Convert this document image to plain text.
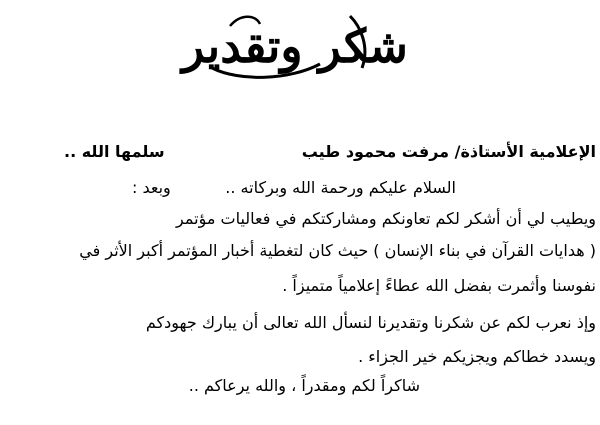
شكر وتقدير
الإعلامية الأستاذة/ مرفت محمود طيب
سلمها الله ..
السلام عليكم ورحمة الله وبركاته ..
وبعد :
ويطيب لي أن أشكر لكم تعاونكم ومشاركتكم في فعاليات مؤتمر
( هدايات القرآن في بناء الإنسان ) حيث كان لتغطية أخبار المؤتمر أكبر الأثر في
نفوسنا وأثمرت بفضل الله عطاءً إعلامياً متميزاً .
وإذ نعرب لكم عن شكرنا وتقديرنا لنسأل الله تعالى أن يبارك جهودكم
ويسدد خطاكم ويجزيكم خير الجزاء .
شاكراً لكم ومقدراً ، والله يرعاكم ..
